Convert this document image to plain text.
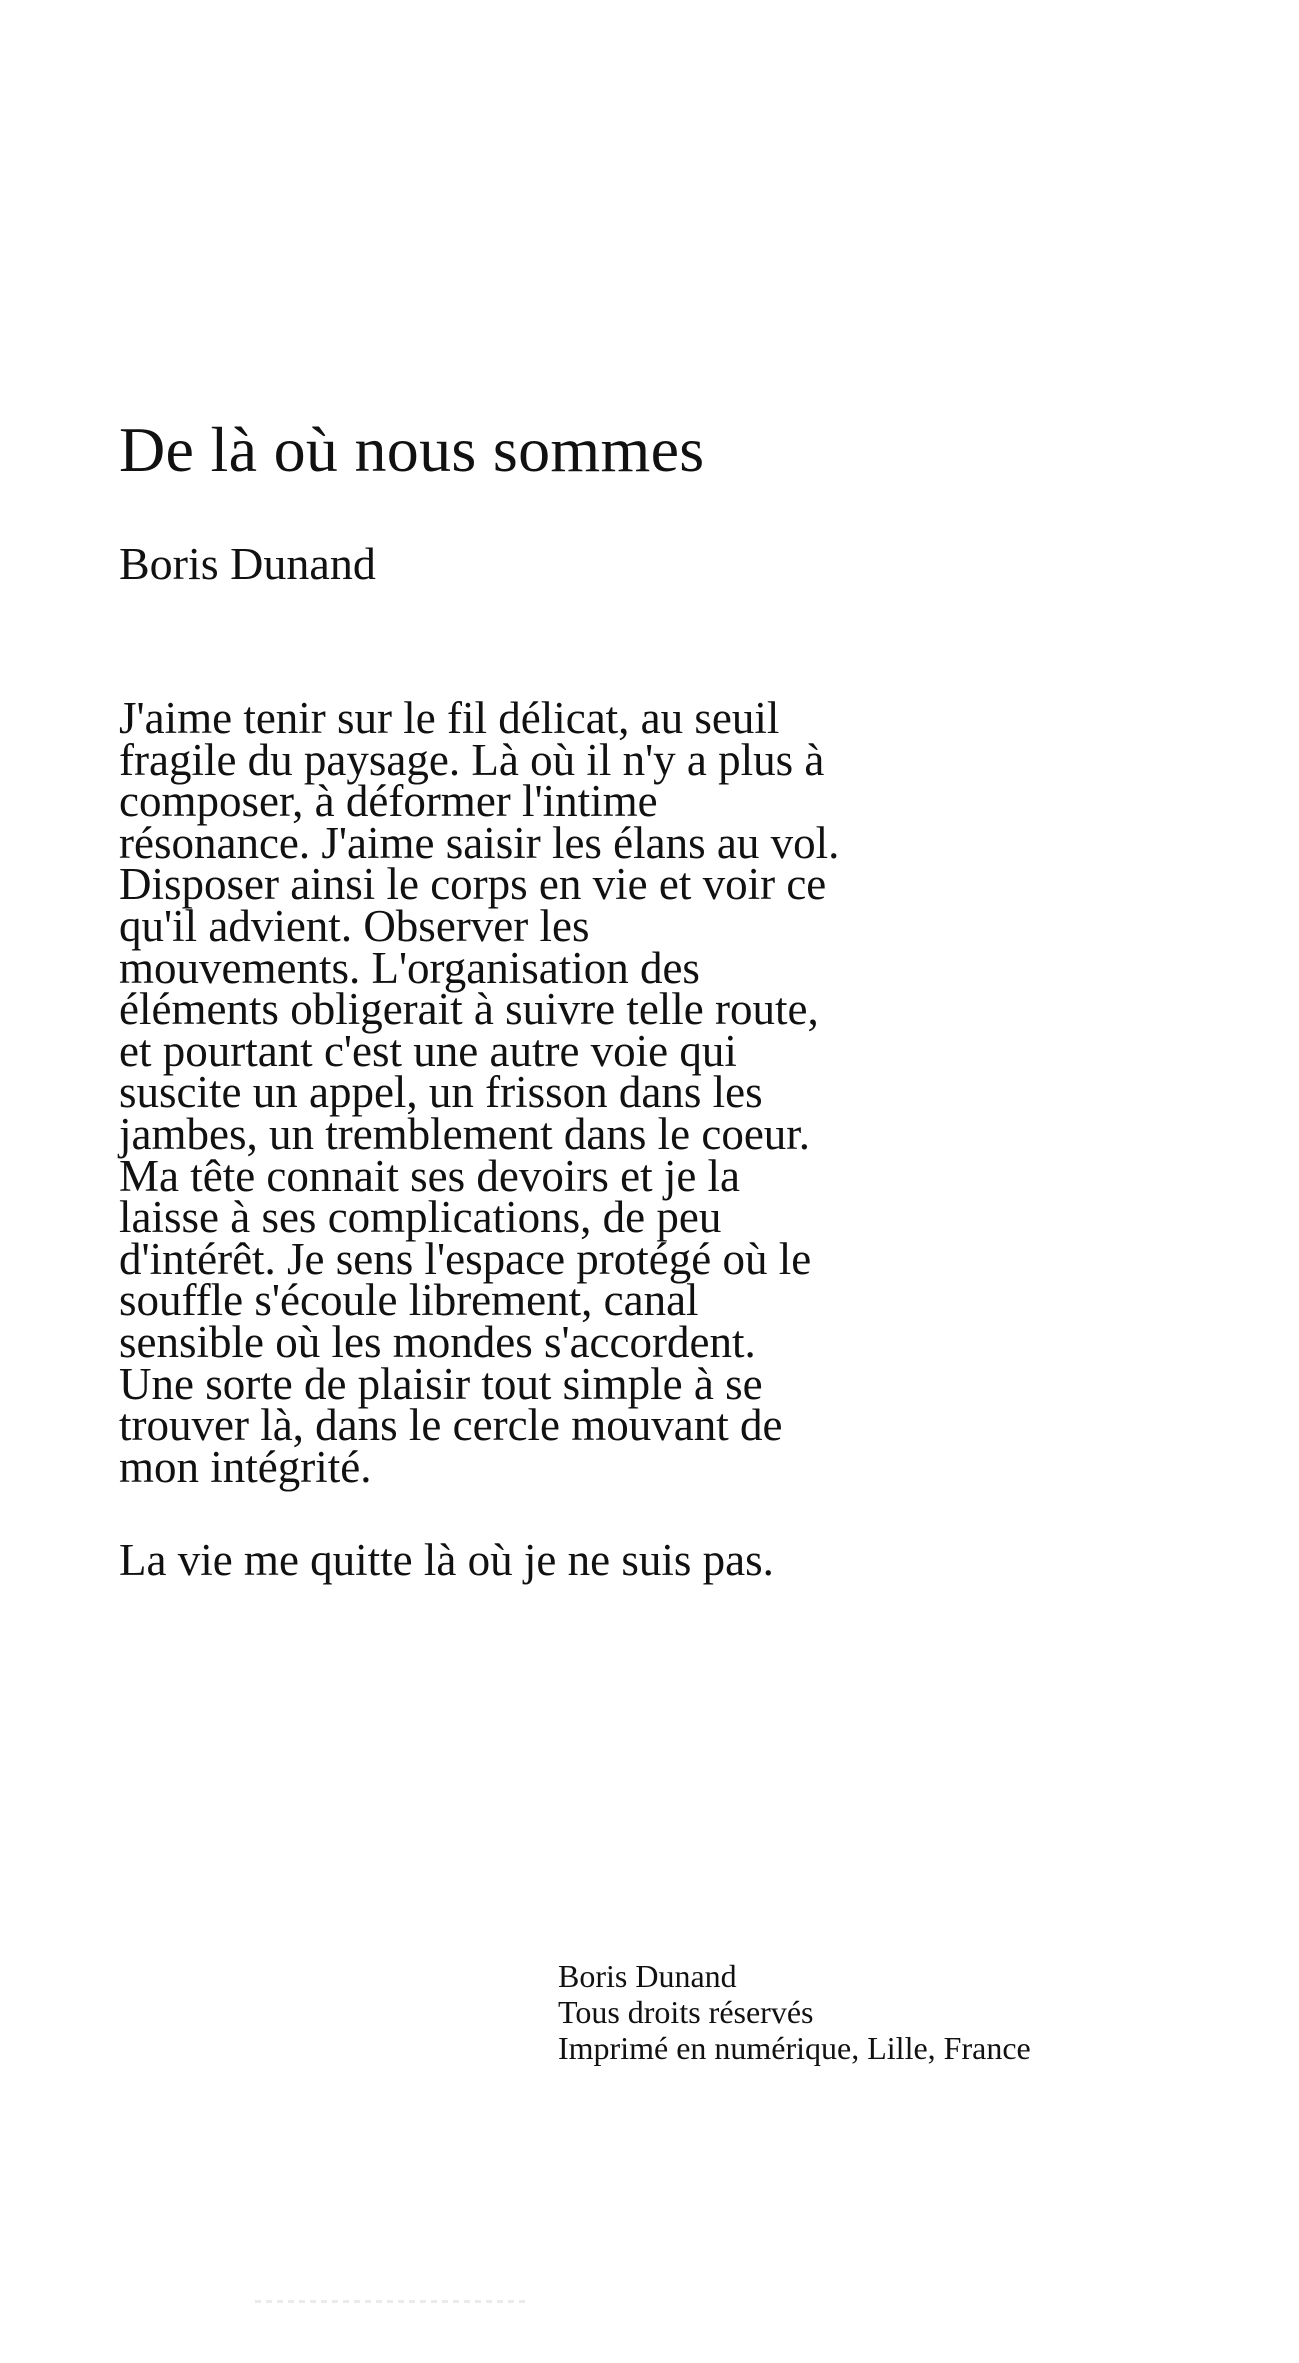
De là où nous sommes

Boris Dunand

J'aime tenir sur le fil délicat, au seuil
fragile du paysage. Là où il n'y a plus à
composer, à déformer l'intime
résonance. J'aime saisir les élans au vol.
Disposer ainsi le corps en vie et voir ce
qu'il advient. Observer les
mouvements. L'organisation des
éléments obligerait à suivre telle route,
et pourtant c'est une autre voie qui
suscite un appel, un frisson dans les
jambes, un tremblement dans le coeur.
Ma tête connait ses devoirs et je la
laisse à ses complications, de peu
d'intérêt. Je sens l'espace protégé où le
souffle s'écoule librement, canal
sensible où les mondes s'accordent.
Une sorte de plaisir tout simple à se
trouver là, dans le cercle mouvant de
mon intégrité.

La vie me quitte là où je ne suis pas.

Boris Dunand
Tous droits réservés
Imprimé en numérique, Lille, France
